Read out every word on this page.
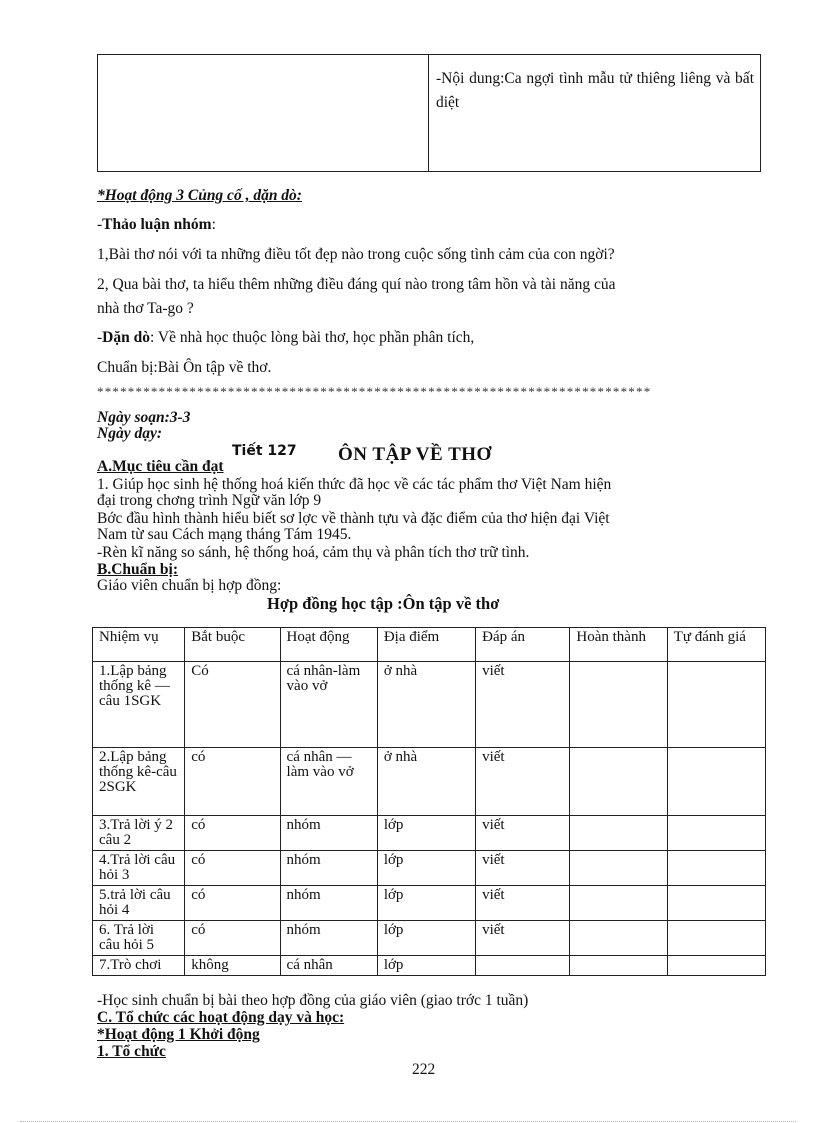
-Nội dung:Ca ngợi tình mẫu tử thiêng liêng và bất diệt
*Hoạt động 3 Củng cố , dặn dò:
-Thảo luận nhóm:
1,Bài thơ nói với ta những điều tốt đẹp nào trong cuộc sống tình cảm của con ngời?
2, Qua bài thơ, ta hiểu thêm những điều đáng quí nào trong tâm hồn và tài năng của
nhà thơ Ta-go ?
-Dặn dò: Về nhà học thuộc lòng bài thơ, học phần phân tích,
Chuẩn bị:Bài Ôn tập về thơ.
************************************************************************
Ngày soạn:3-3
Ngày dạy:
Tiết 127 ÔN TẬP VỀ THƠ
A.Mục tiêu cần đạt
1. Giúp học sinh hệ thống hoá kiến thức đã học về các tác phẩm thơ Việt Nam hiện
đại trong chơng trình Ngữ văn lớp 9
Bớc đầu hình thành hiểu biết sơ lợc về thành tựu và đặc điểm của thơ hiện đại Việt
Nam từ sau Cách mạng tháng Tám 1945.
-Rèn kĩ năng so sánh, hệ thống hoá, cảm thụ và phân tích thơ trữ tình.
B.Chuẩn bị:
Giáo viên chuẩn bị hợp đồng:
Hợp đồng học tập :Ôn tập về thơ
Nhiệm vụ	Bắt buộc	Hoạt động	Địa điểm	Đáp án	Hoàn thành	Tự đánh giá
1.Lập bảng thống kê —câu 1SGK	Có	cá nhân-làm vào vở	ở nhà	viết		
2.Lập bảng thống kê-câu 2SGK	có	cá nhân —làm vào vở	ở nhà	viết		
3.Trả lời ý 2 câu 2	có	nhóm	lớp	viết		
4.Trả lời câu hỏi 3	có	nhóm	lớp	viết		
5.trả lời câu hỏi 4	có	nhóm	lớp	viết		
6. Trả lời câu hỏi 5	có	nhóm	lớp	viết		
7.Trò chơi	không	cá nhân	lớp			
-Học sinh chuẩn bị bài theo hợp đồng của giáo viên (giao trớc 1 tuần)
C. Tổ chức các hoạt động dạy và học:
*Hoạt động 1 Khởi động
1. Tổ chức
222
